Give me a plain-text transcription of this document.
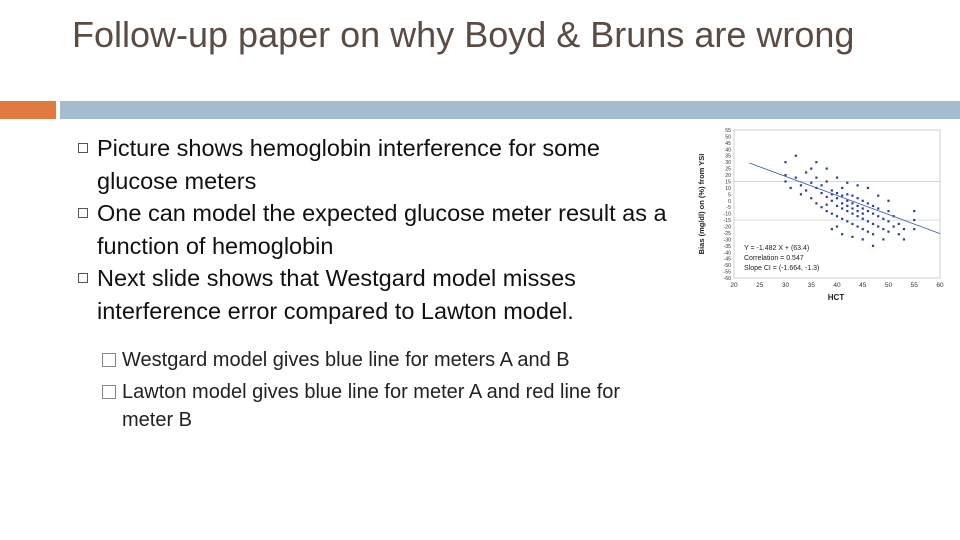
Follow-up paper on why Boyd & Bruns are wrong

Picture shows hemoglobin interference for some glucose meters

One can model the expected glucose meter result as a function of hemoglobin

Next slide shows that Westgard model misses interference error compared to Lawton model.

Westgard model gives blue line for meters A and B

Lawton model gives blue line for meter A and red line for meter B

Bias (mg/dl) on (%) from YSI
HCT
20	25	30	35	40	45	50	55	60
55
50
45
40
35
30
25
20
15
10
5
0
-5
-10
-15
-20
-25
-30
-35
-40
-45
-50
-55
-60
Y = -1.482 X + (63.4)
Correlation = 0.547
Slope CI = (-1.664, -1.3)
